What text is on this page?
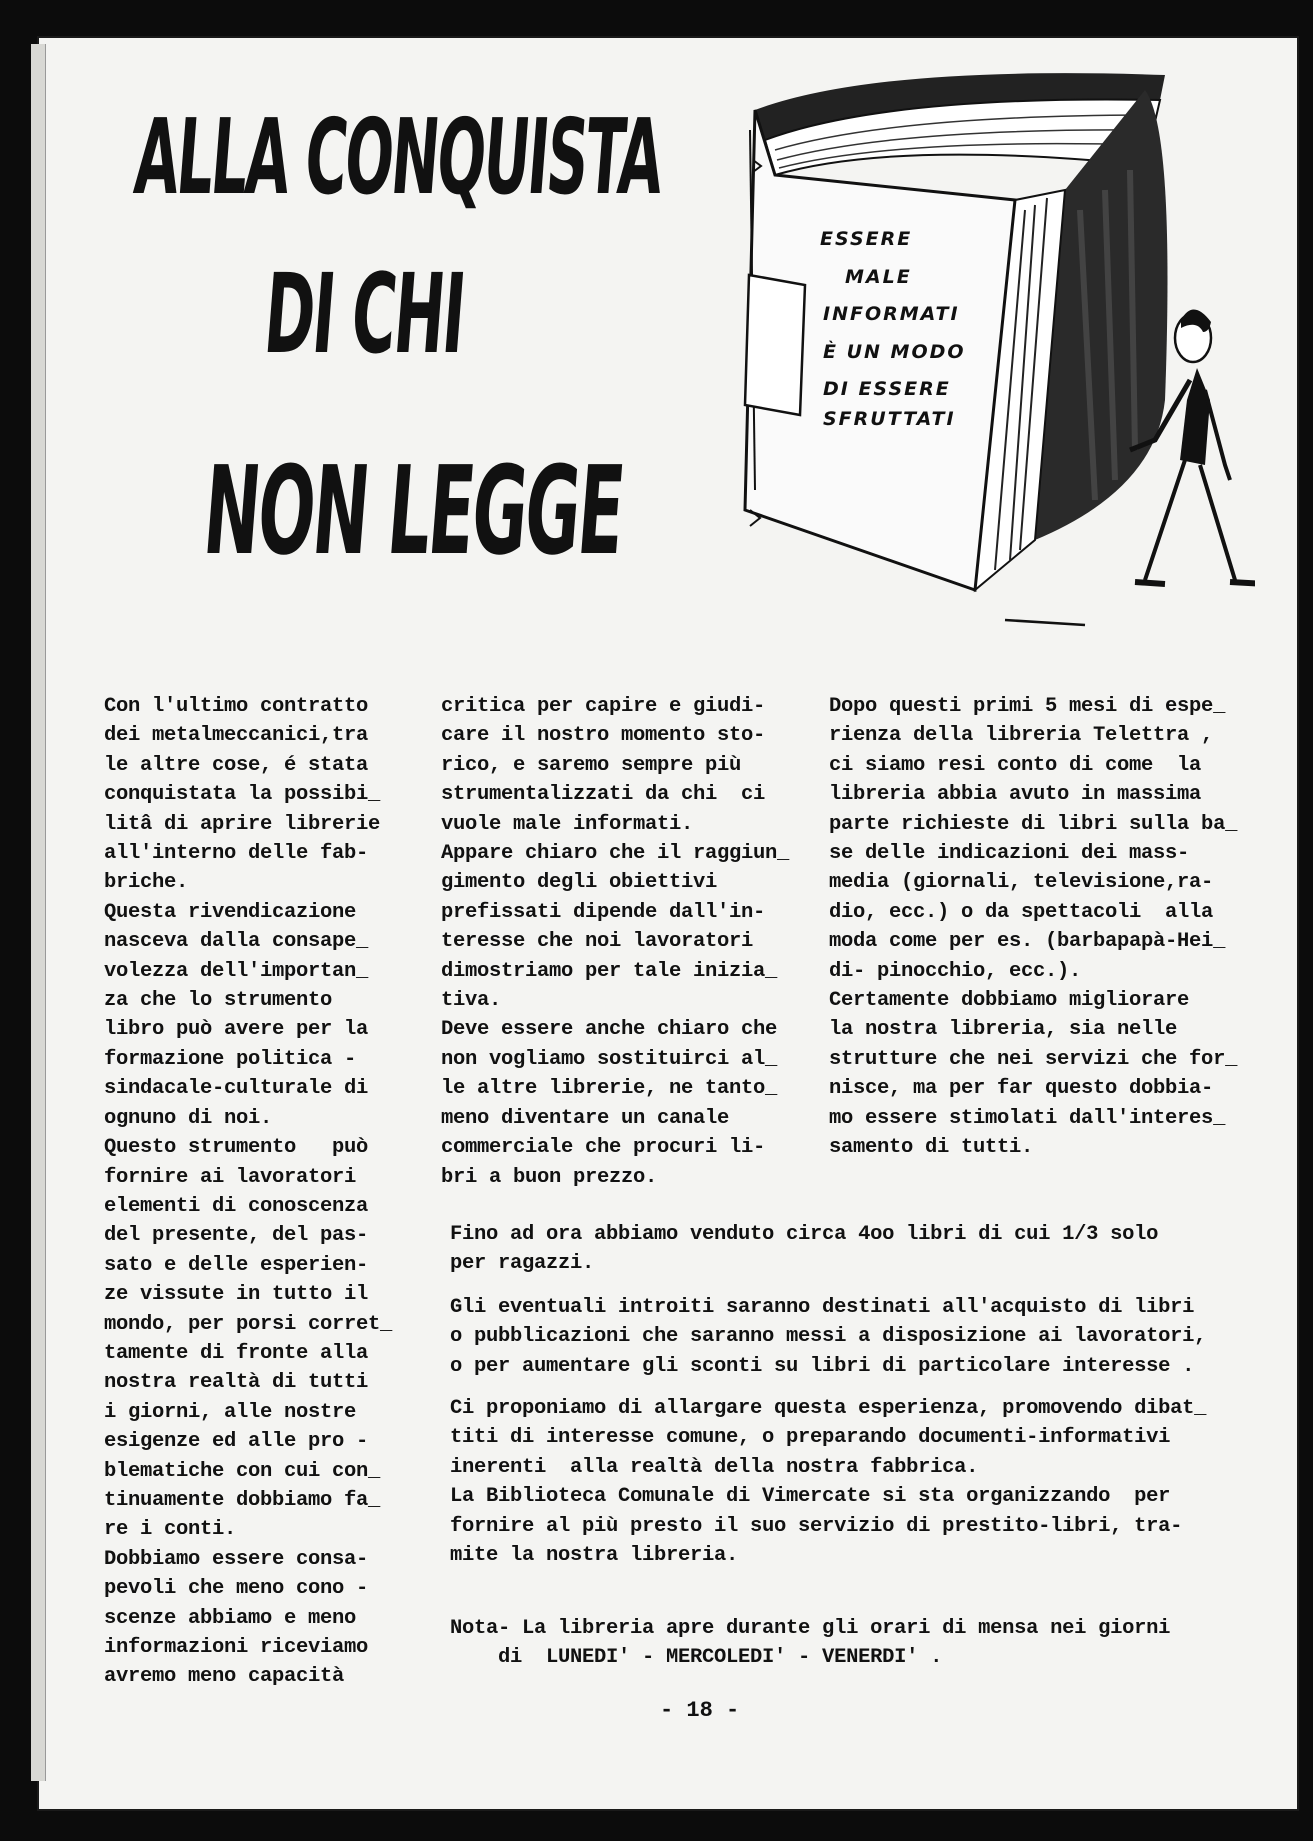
ALLA CONQUISTA
DI CHI
NON LEGGE
ESSERE
MALE
INFORMATI
È UN MODO
DI ESSERE
SFRUTTATI

Con l'ultimo contratto

dei metalmeccanici,tra

le altre cose, é stata

conquistata la possibi_

litâ di aprire librerie

all'interno delle fab-

briche.

Questa rivendicazione

nasceva dalla consape_

volezza dell'importan_

za che lo strumento

libro può avere per la

formazione politica -

sindacale-culturale di

ognuno di noi.

Questo strumento   può

fornire ai lavoratori

elementi di conoscenza

del presente, del pas-

sato e delle esperien-

ze vissute in tutto il

mondo, per porsi corret_

tamente di fronte alla

nostra realtà di tutti

i giorni, alle nostre

esigenze ed alle pro -

blematiche con cui con_

tinuamente dobbiamo fa_

re i conti.

Dobbiamo essere consa-

pevoli che meno cono -

scenze abbiamo e meno

informazioni riceviamo

avremo meno capacità

critica per capire e giudi-

care il nostro momento sto-

rico, e saremo sempre più

strumentalizzati da chi  ci

vuole male informati.

Appare chiaro che il raggiun_

gimento degli obiettivi

prefissati dipende dall'in-

teresse che noi lavoratori

dimostriamo per tale inizia_

tiva.

Deve essere anche chiaro che

non vogliamo sostituirci al_

le altre librerie, ne tanto_

meno diventare un canale

commerciale che procuri li-

bri a buon prezzo.

Dopo questi primi 5 mesi di espe_

rienza della libreria Telettra ,

ci siamo resi conto di come  la

libreria abbia avuto in massima

parte richieste di libri sulla ba_

se delle indicazioni dei mass-

media (giornali, televisione,ra-

dio, ecc.) o da spettacoli  alla

moda come per es. (barbapapà-Hei_

di- pinocchio, ecc.).

Certamente dobbiamo migliorare

la nostra libreria, sia nelle

strutture che nei servizi che for_

nisce, ma per far questo dobbia-

mo essere stimolati dall'interes_

samento di tutti.

Fino ad ora abbiamo venduto circa 4oo libri di cui 1/3 solo

per ragazzi.

Gli eventuali introiti saranno destinati all'acquisto di libri

o pubblicazioni che saranno messi a disposizione ai lavoratori,

o per aumentare gli sconti su libri di particolare interesse .

Ci proponiamo di allargare questa esperienza, promovendo dibat_

titi di interesse comune, o preparando documenti-informativi

inerenti  alla realtà della nostra fabbrica.

La Biblioteca Comunale di Vimercate si sta organizzando  per

fornire al più presto il suo servizio di prestito-libri, tra-

mite la nostra libreria.

Nota- La libreria apre durante gli orari di mensa nei giorni

di  LUNEDI' - MERCOLEDI' - VENERDI' .

- 18 -
